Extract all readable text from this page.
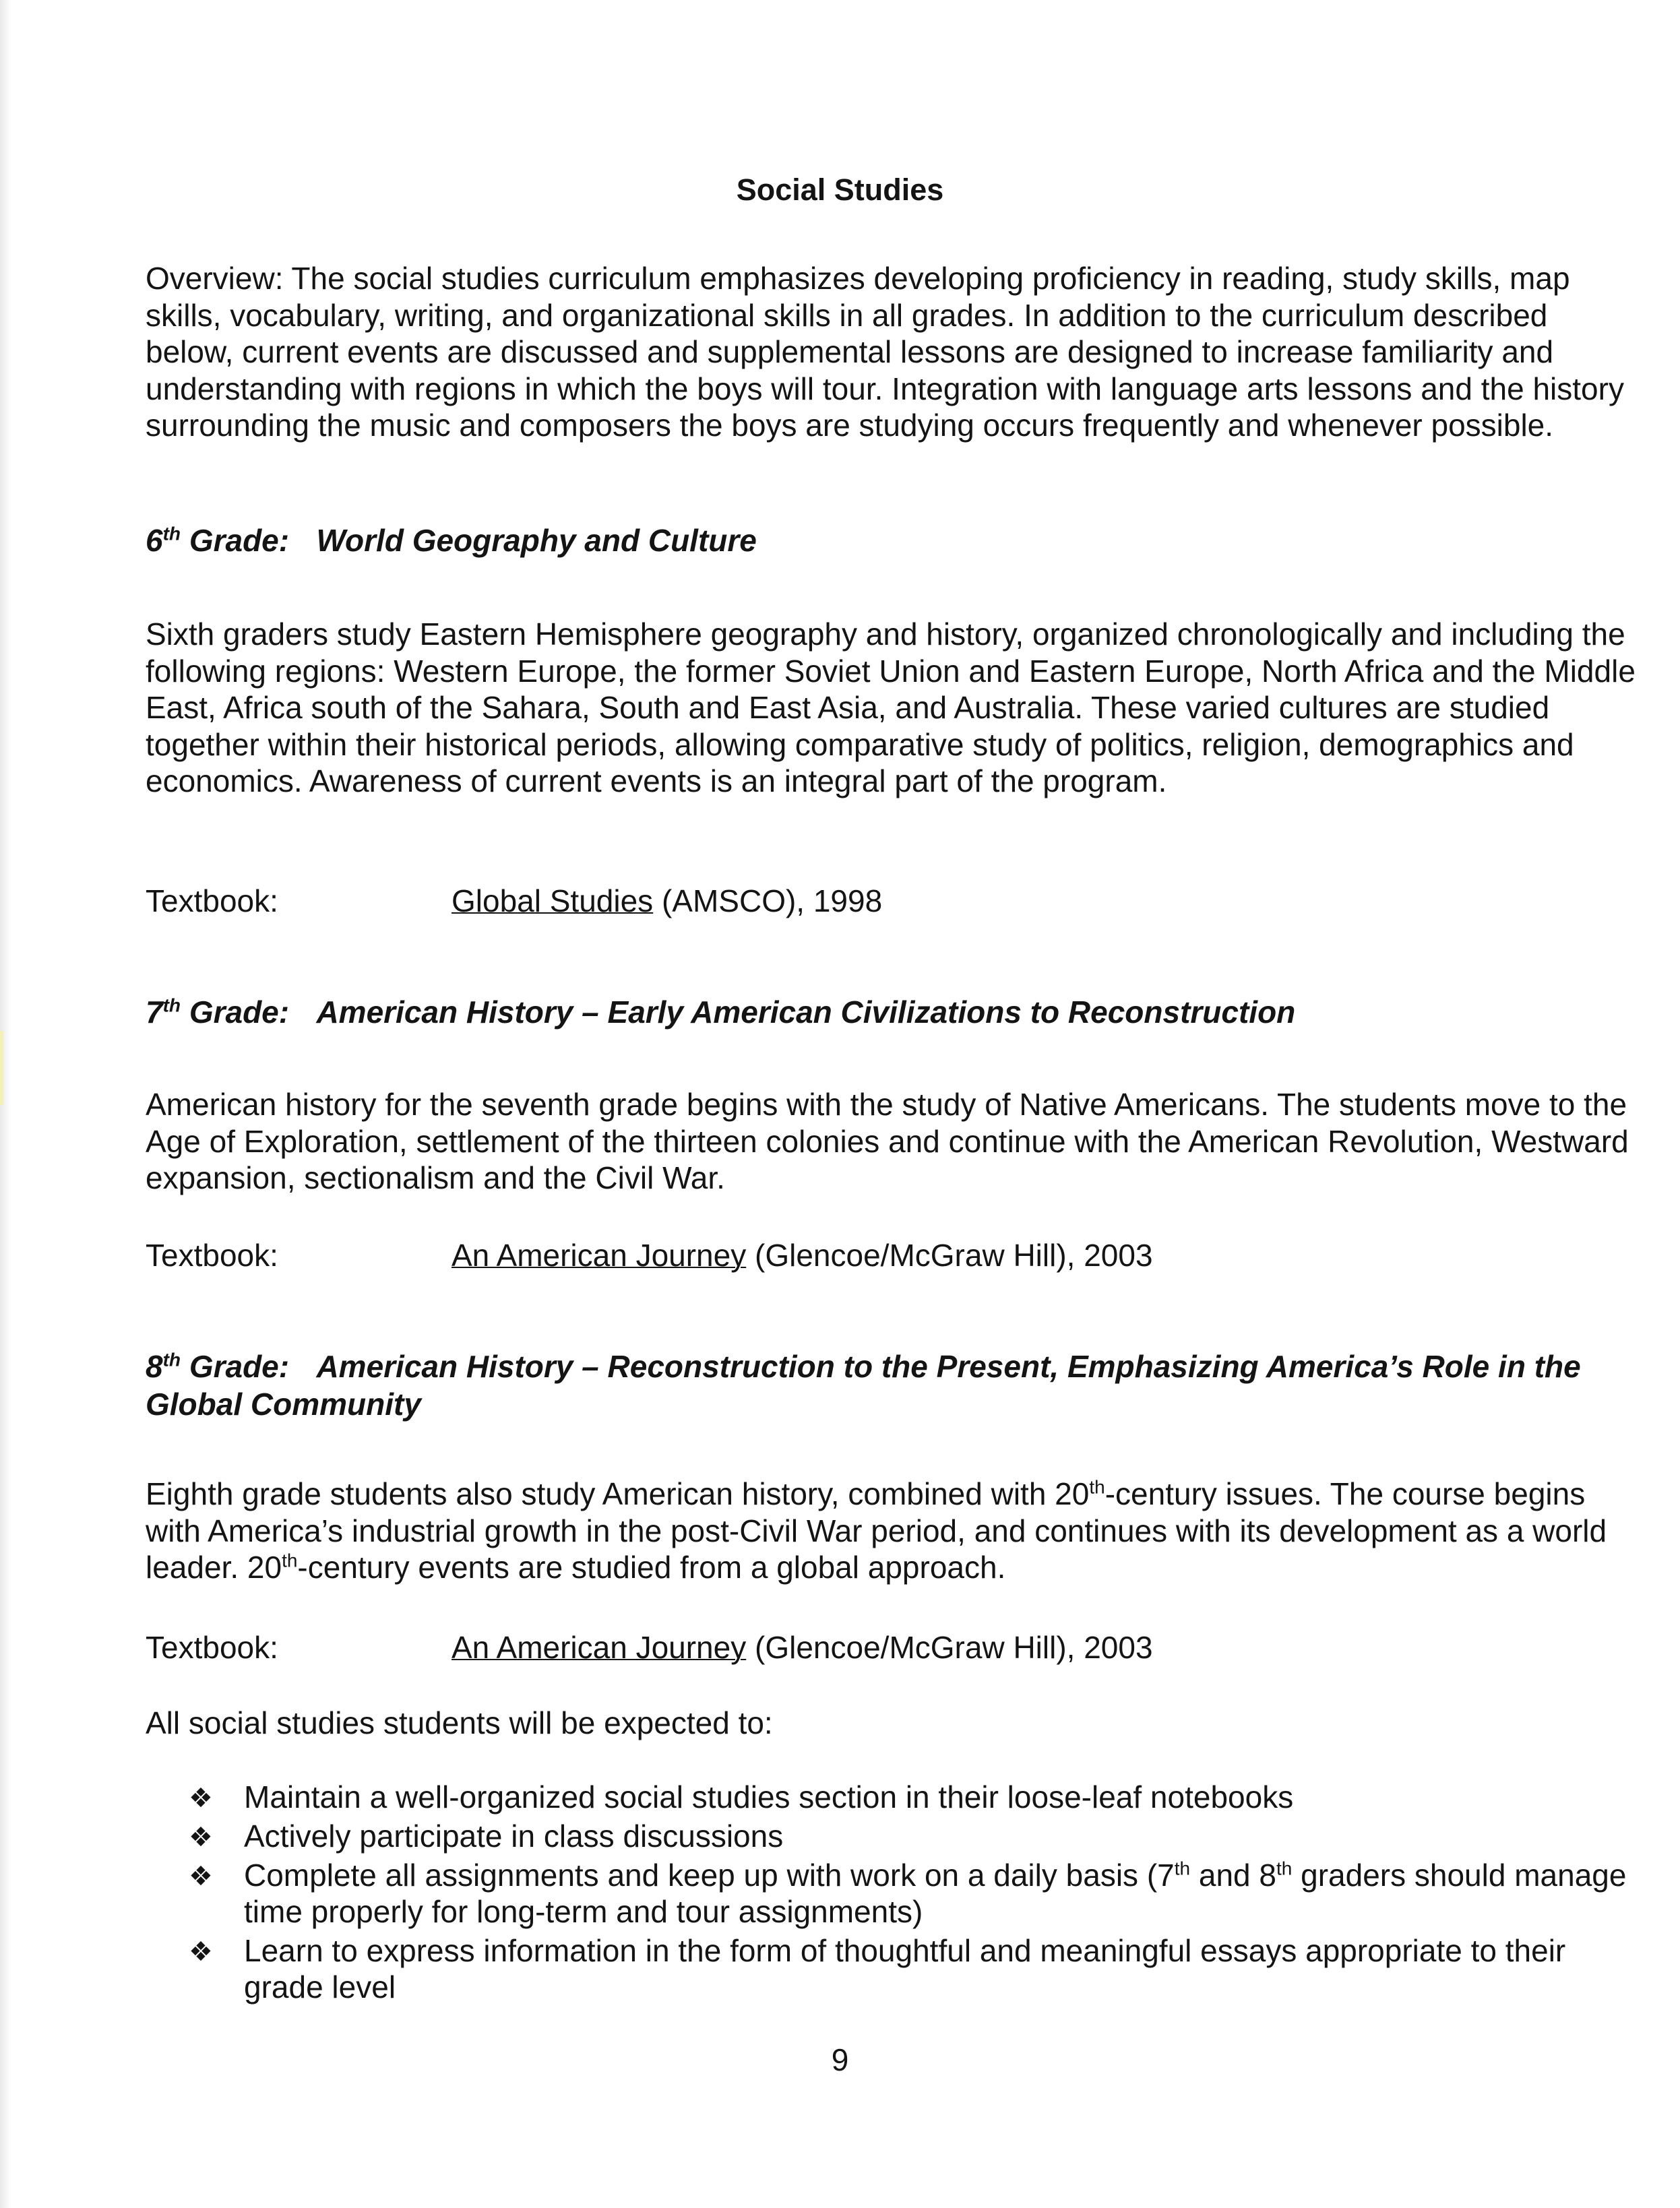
Social Studies

Overview: The social studies curriculum emphasizes developing proficiency in reading, study skills, map skills, vocabulary, writing, and organizational skills in all grades. In addition to the curriculum described below, current events are discussed and supplemental lessons are designed to increase familiarity and understanding with regions in which the boys will tour. Integration with language arts lessons and the history surrounding the music and composers the boys are studying occurs frequently and whenever possible.

6th Grade: World Geography and Culture

Sixth graders study Eastern Hemisphere geography and history, organized chronologically and including the following regions: Western Europe, the former Soviet Union and Eastern Europe, North Africa and the Middle East, Africa south of the Sahara, South and East Asia, and Australia. These varied cultures are studied together within their historical periods, allowing comparative study of politics, religion, demographics and economics. Awareness of current events is an integral part of the program.

Textbook:	Global Studies (AMSCO), 1998
7th Grade: American History – Early American Civilizations to Reconstruction

American history for the seventh grade begins with the study of Native Americans. The students move to the Age of Exploration, settlement of the thirteen colonies and continue with the American Revolution, Westward expansion, sectionalism and the Civil War.

Textbook:	An American Journey (Glencoe/McGraw Hill), 2003
8th Grade: American History – Reconstruction to the Present, Emphasizing America’s Role in the Global Community

Eighth grade students also study American history, combined with 20th-century issues. The course begins with America’s industrial growth in the post-Civil War period, and continues with its development as a world leader. 20th-century events are studied from a global approach.

Textbook:	An American Journey (Glencoe/McGraw Hill), 2003

All social studies students will be expected to:

❖ Maintain a well-organized social studies section in their loose-leaf notebooks
❖ Actively participate in class discussions
❖ Complete all assignments and keep up with work on a daily basis (7th and 8th graders should manage time properly for long-term and tour assignments)
❖ Learn to express information in the form of thoughtful and meaningful essays appropriate to their grade level
9
